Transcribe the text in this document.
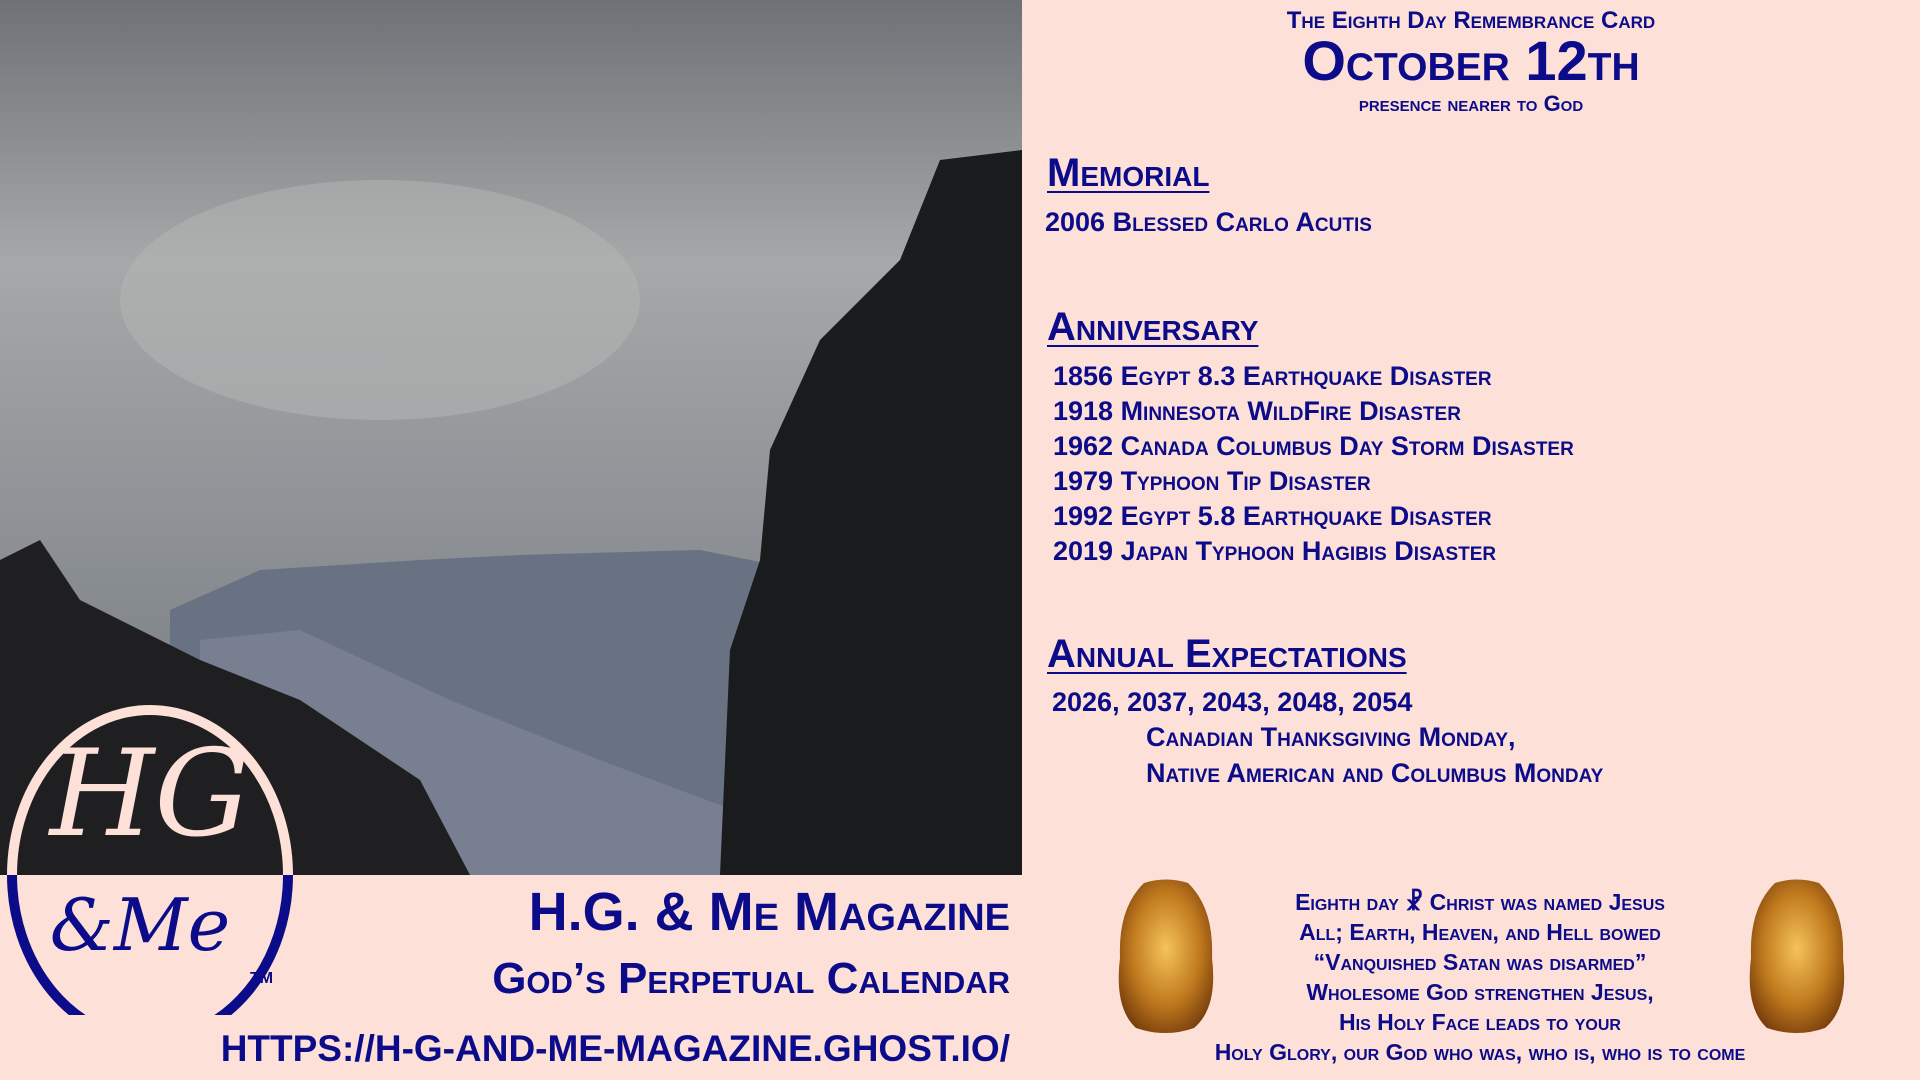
HG
&Me
TM
H.G. & Me Magazine
God’s Perpetual Calendar
HTTPS://H-G-AND-ME-MAGAZINE.GHOST.IO/
The Eighth Day Remembrance Card
October 12th
presence nearer to God
Memorial
2006 Blessed Carlo Acutis
Anniversary
1856 Egypt 8.3 Earthquake Disaster
1918 Minnesota WildFire Disaster
1962 Canada Columbus Day Storm Disaster
1979 Typhoon Tip Disaster
1992 Egypt 5.8 Earthquake Disaster
2019 Japan Typhoon Hagibis Disaster
Annual Expectations
2026, 2037, 2043, 2048, 2054
Canadian Thanksgiving Monday,
Native American and Columbus Monday
Eighth day ☧ Christ was named Jesus
All; Earth, Heaven, and Hell bowed
“Vanquished Satan was disarmed”
Wholesome God strengthen Jesus,
His Holy Face leads to your
Holy Glory, our God who was, who is, who is to come
